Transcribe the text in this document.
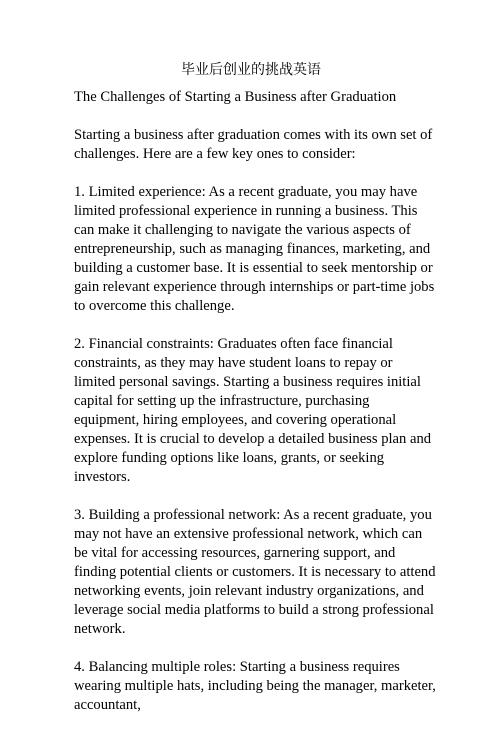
毕业后创业的挑战英语

The Challenges of Starting a Business after Graduation

Starting a business after graduation comes with its own set of challenges. Here are a few key ones to consider:

1. Limited experience: As a recent graduate, you may have limited professional experience in running a business. This can make it challenging to navigate the various aspects of entrepreneurship, such as managing finances, marketing, and building a customer base. It is essential to seek mentorship or gain relevant experience through internships or part-time jobs to overcome this challenge.

2. Financial constraints: Graduates often face financial constraints, as they may have student loans to repay or limited personal savings. Starting a business requires initial capital for setting up the infrastructure, purchasing equipment, hiring employees, and covering operational expenses. It is crucial to develop a detailed business plan and explore funding options like loans, grants, or seeking investors.

3. Building a professional network: As a recent graduate, you may not have an extensive professional network, which can be vital for accessing resources, garnering support, and finding potential clients or customers. It is necessary to attend networking events, join relevant industry organizations, and leverage social media platforms to build a strong professional network.

4. Balancing multiple roles: Starting a business requires wearing multiple hats, including being the manager, marketer, accountant,
